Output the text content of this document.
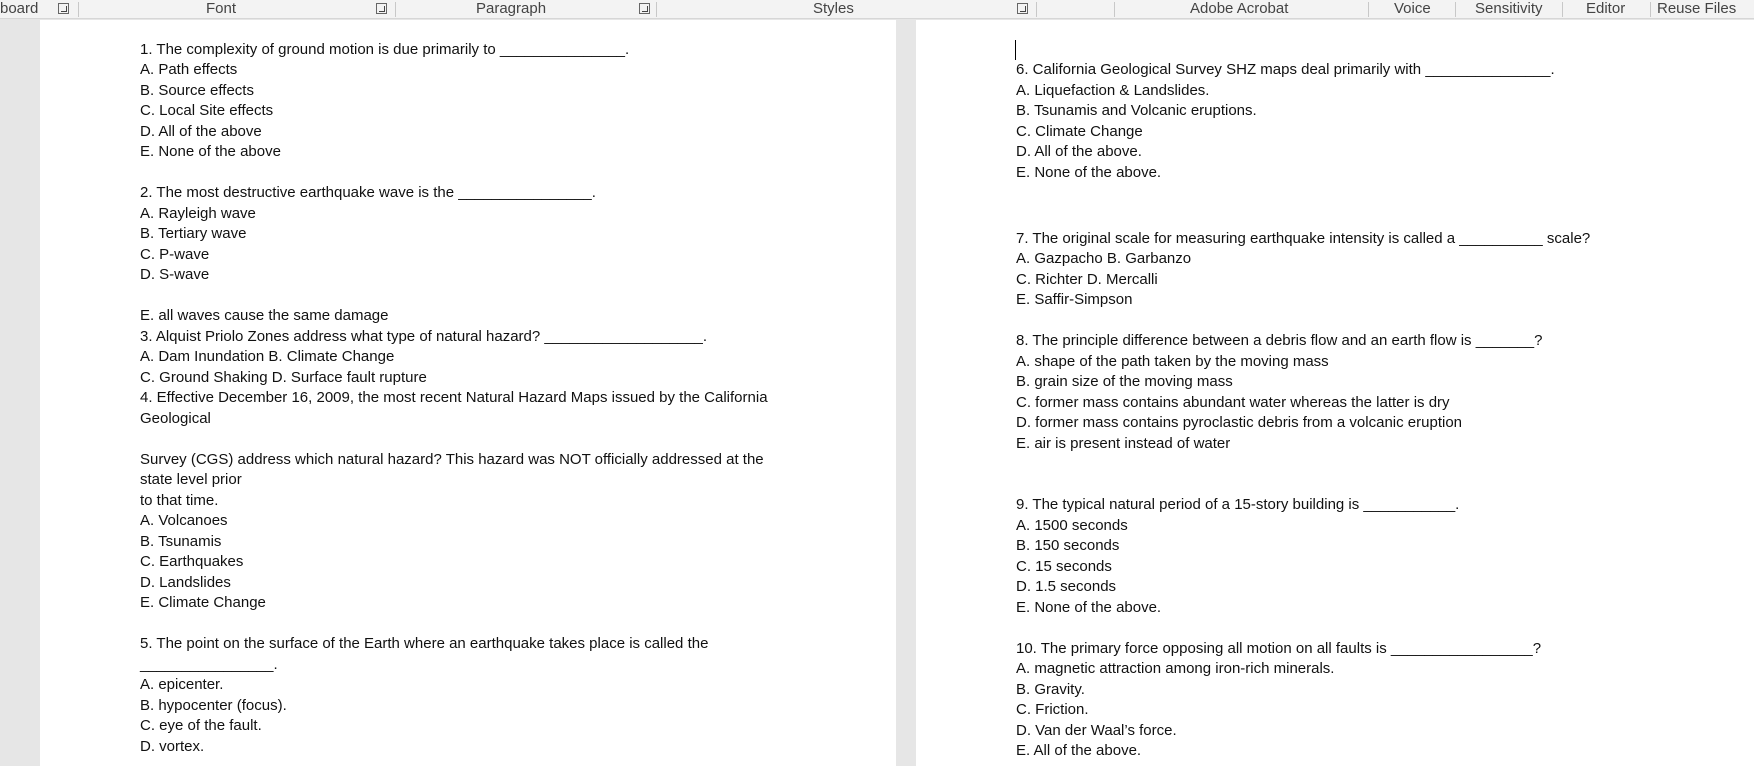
board	Font	Paragraph	Styles	Adobe Acrobat	Voice	Sensitivity	Editor Reuse Files
1. The complexity of ground motion is due primarily to _______________.
A. Path effects
B. Source effects
C. Local Site effects
D. All of the above
E. None of the above
2. The most destructive earthquake wave is the ________________.
A. Rayleigh wave
B. Tertiary wave
C. P-wave
D. S-wave
E. all waves cause the same damage
3. Alquist Priolo Zones address what type of natural hazard? ___________________.
A. Dam Inundation B. Climate Change
C. Ground Shaking D. Surface fault rupture
4. Effective December 16, 2009, the most recent Natural Hazard Maps issued by the California
Geological
Survey (CGS) address which natural hazard? This hazard was NOT officially addressed at the
state level prior
to that time.
A. Volcanoes
B. Tsunamis
C. Earthquakes
D. Landslides
E. Climate Change
5. The point on the surface of the Earth where an earthquake takes place is called the
________________.
A. epicenter.
B. hypocenter (focus).
C. eye of the fault.
D. vortex.
6. California Geological Survey SHZ maps deal primarily with _______________.
A. Liquefaction & Landslides.
B. Tsunamis and Volcanic eruptions.
C. Climate Change
D. All of the above.
E. None of the above.
7. The original scale for measuring earthquake intensity is called a __________ scale?
A. Gazpacho B. Garbanzo
C. Richter D. Mercalli
E. Saffir-Simpson
8. The principle difference between a debris flow and an earth flow is _______?
A. shape of the path taken by the moving mass
B. grain size of the moving mass
C. former mass contains abundant water whereas the latter is dry
D. former mass contains pyroclastic debris from a volcanic eruption
E. air is present instead of water
9. The typical natural period of a 15-story building is ___________.
A. 1500 seconds
B. 150 seconds
C. 15 seconds
D. 1.5 seconds
E. None of the above.
10. The primary force opposing all motion on all faults is _________________?
A. magnetic attraction among iron-rich minerals.
B. Gravity.
C. Friction.
D. Van der Waal’s force.
E. All of the above.
